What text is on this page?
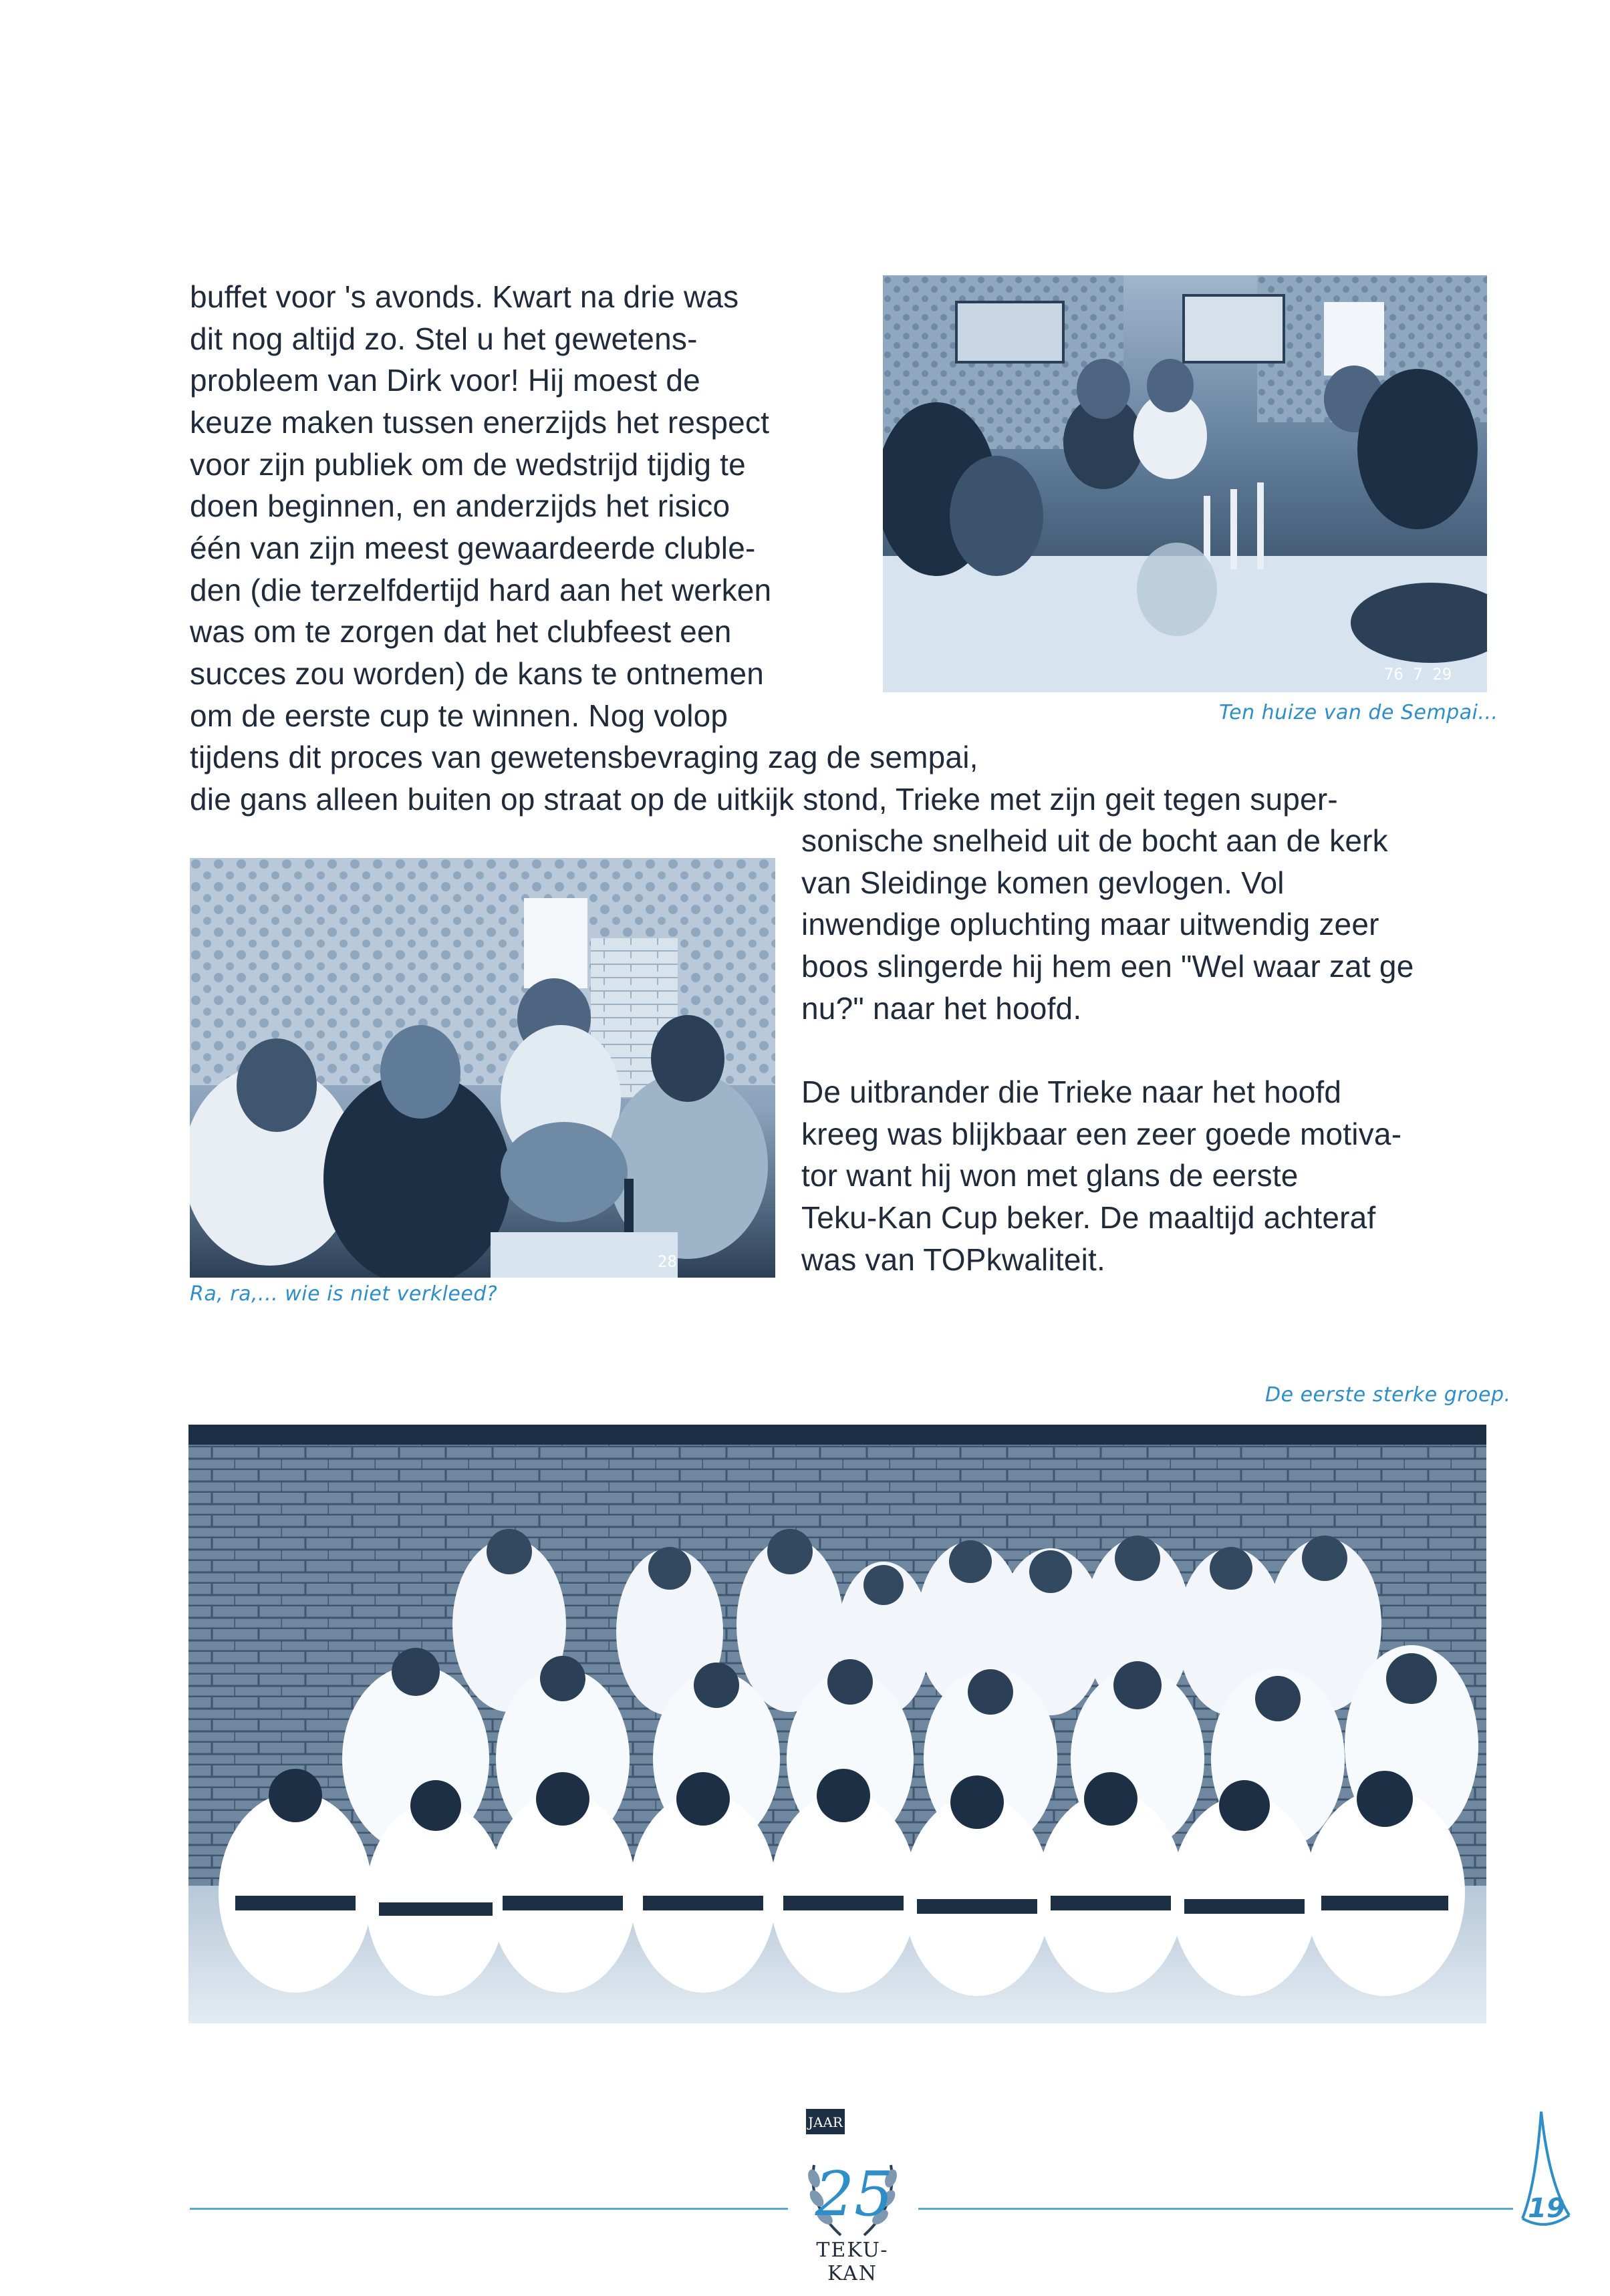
buffet voor 's avonds. Kwart na drie was
dit nog altijd zo. Stel u het gewetens-
probleem van Dirk voor! Hij moest de
keuze maken tussen enerzijds het respect
voor zijn publiek om de wedstrijd tijdig te
doen beginnen, en anderzijds het risico
één van zijn meest gewaardeerde cluble-
den (die terzelfdertijd hard aan het werken
was om te zorgen dat het clubfeest een
succes zou worden) de kans te ontnemen
om de eerste cup te winnen. Nog volop
tijdens dit proces van gewetensbevraging zag de sempai,
die gans alleen buiten op straat op de uitkijk stond, Trieke met zijn geit tegen super-
76 7 29
Ten huize van de Sempai...
28
Ra, ra,... wie is niet verkleed?
sonische snelheid uit de bocht aan de kerk
van Sleidinge komen gevlogen. Vol
inwendige opluchting maar uitwendig zeer
boos slingerde hij hem een "Wel waar zat ge
nu?" naar het hoofd.
De uitbrander die Trieke naar het hoofd
kreeg was blijkbaar een zeer goede motiva-
tor want hij won met glans de eerste
Teku-Kan Cup beker. De maaltijd achteraf
was van TOPkwaliteit.
De eerste sterke groep.
JAAR
25
TEKU-KAN
19
